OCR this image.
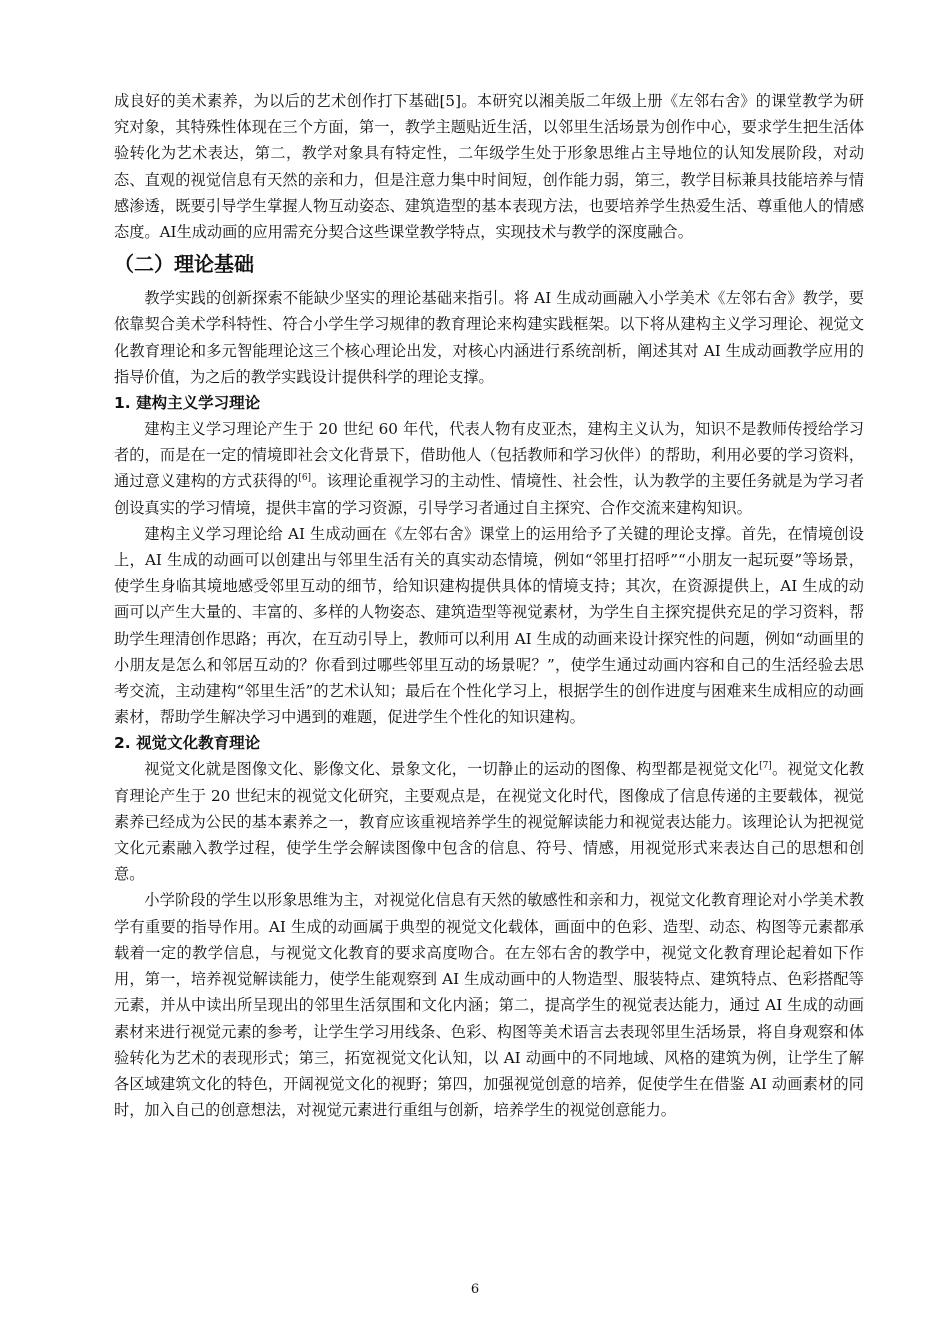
成良好的美术素养，为以后的艺术创作打下基础[5]。本研究以湘美版二年级上册《左邻右舍》的课堂教学为研究对象，其特殊性体现在三个方面，第一，教学主题贴近生活，以邻里生活场景为创作中心，要求学生把生活体验转化为艺术表达，第二，教学对象具有特定性，二年级学生处于形象思维占主导地位的认知发展阶段，对动态、直观的视觉信息有天然的亲和力，但是注意力集中时间短，创作能力弱，第三，教学目标兼具技能培养与情感渗透，既要引导学生掌握人物互动姿态、建筑造型的基本表现方法，也要培养学生热爱生活、尊重他人的情感态度。AI生成动画的应用需充分契合这些课堂教学特点，实现技术与教学的深度融合。

（二）理论基础

教学实践的创新探索不能缺少坚实的理论基础来指引。将 AI 生成动画融入小学美术《左邻右舍》教学，要依靠契合美术学科特性、符合小学生学习规律的教育理论来构建实践框架。以下将从建构主义学习理论、视觉文化教育理论和多元智能理论这三个核心理论出发，对核心内涵进行系统剖析，阐述其对 AI 生成动画教学应用的指导价值，为之后的教学实践设计提供科学的理论支撑。

1. 建构主义学习理论

建构主义学习理论产生于 20 世纪 60 年代，代表人物有皮亚杰，建构主义认为，知识不是教师传授给学习者的，而是在一定的情境即社会文化背景下，借助他人（包括教师和学习伙伴）的帮助，利用必要的学习资料，通过意义建构的方式获得的[6]。该理论重视学习的主动性、情境性、社会性，认为教学的主要任务就是为学习者创设真实的学习情境，提供丰富的学习资源，引导学习者通过自主探究、合作交流来建构知识。

建构主义学习理论给 AI 生成动画在《左邻右舍》课堂上的运用给予了关键的理论支撑。首先，在情境创设上，AI 生成的动画可以创建出与邻里生活有关的真实动态情境，例如“邻里打招呼”“小朋友一起玩耍”等场景，使学生身临其境地感受邻里互动的细节，给知识建构提供具体的情境支持；其次，在资源提供上，AI 生成的动画可以产生大量的、丰富的、多样的人物姿态、建筑造型等视觉素材，为学生自主探究提供充足的学习资料，帮助学生理清创作思路；再次，在互动引导上，教师可以利用 AI 生成的动画来设计探究性的问题，例如“动画里的小朋友是怎么和邻居互动的？你看到过哪些邻里互动的场景呢？”，使学生通过动画内容和自己的生活经验去思考交流，主动建构“邻里生活”的艺术认知；最后在个性化学习上，根据学生的创作进度与困难来生成相应的动画素材，帮助学生解决学习中遇到的难题，促进学生个性化的知识建构。

2. 视觉文化教育理论

视觉文化就是图像文化、影像文化、景象文化，一切静止的运动的图像、构型都是视觉文化[7]。视觉文化教育理论产生于 20 世纪末的视觉文化研究，主要观点是，在视觉文化时代，图像成了信息传递的主要载体，视觉素养已经成为公民的基本素养之一，教育应该重视培养学生的视觉解读能力和视觉表达能力。该理论认为把视觉文化元素融入教学过程，使学生学会解读图像中包含的信息、符号、情感，用视觉形式来表达自己的思想和创意。

小学阶段的学生以形象思维为主，对视觉化信息有天然的敏感性和亲和力，视觉文化教育理论对小学美术教学有重要的指导作用。AI 生成的动画属于典型的视觉文化载体，画面中的色彩、造型、动态、构图等元素都承载着一定的教学信息，与视觉文化教育的要求高度吻合。在左邻右舍的教学中，视觉文化教育理论起着如下作用，第一，培养视觉解读能力，使学生能观察到 AI 生成动画中的人物造型、服装特点、建筑特点、色彩搭配等元素，并从中读出所呈现出的邻里生活氛围和文化内涵；第二，提高学生的视觉表达能力，通过 AI 生成的动画素材来进行视觉元素的参考，让学生学习用线条、色彩、构图等美术语言去表现邻里生活场景，将自身观察和体验转化为艺术的表现形式；第三，拓宽视觉文化认知，以 AI 动画中的不同地域、风格的建筑为例，让学生了解各区域建筑文化的特色，开阔视觉文化的视野；第四，加强视觉创意的培养，促使学生在借鉴 AI 动画素材的同时，加入自己的创意想法，对视觉元素进行重组与创新，培养学生的视觉创意能力。

6
